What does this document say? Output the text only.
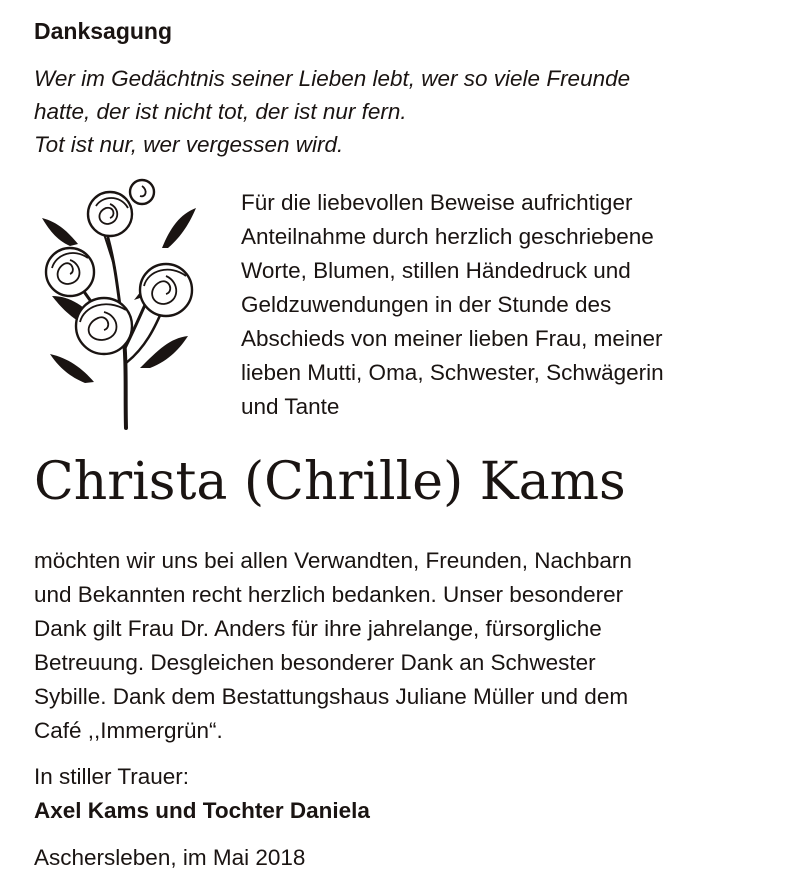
Danksagung
Wer im Gedächtnis seiner Lieben lebt, wer so viele Freunde
hatte, der ist nicht tot, der ist nur fern.
Tot ist nur, wer vergessen wird.
Für die liebevollen Beweise aufrichtiger
Anteilnahme durch herzlich geschriebene
Worte, Blumen, stillen Händedruck und
Geldzuwendungen in der Stunde des
Abschieds von meiner lieben Frau, meiner
lieben Mutti, Oma, Schwester, Schwägerin
und Tante
Christa (Chrille) Kams
möchten wir uns bei allen Verwandten, Freunden, Nachbarn
und Bekannten recht herzlich bedanken. Unser besonderer
Dank gilt Frau Dr. Anders für ihre jahrelange, fürsorgliche
Betreuung. Desgleichen besonderer Dank an Schwester
Sybille. Dank dem Bestattungshaus Juliane Müller und dem
Café ,,Immergrün“.
In stiller Trauer:
Axel Kams und Tochter Daniela
Aschersleben, im Mai 2018
